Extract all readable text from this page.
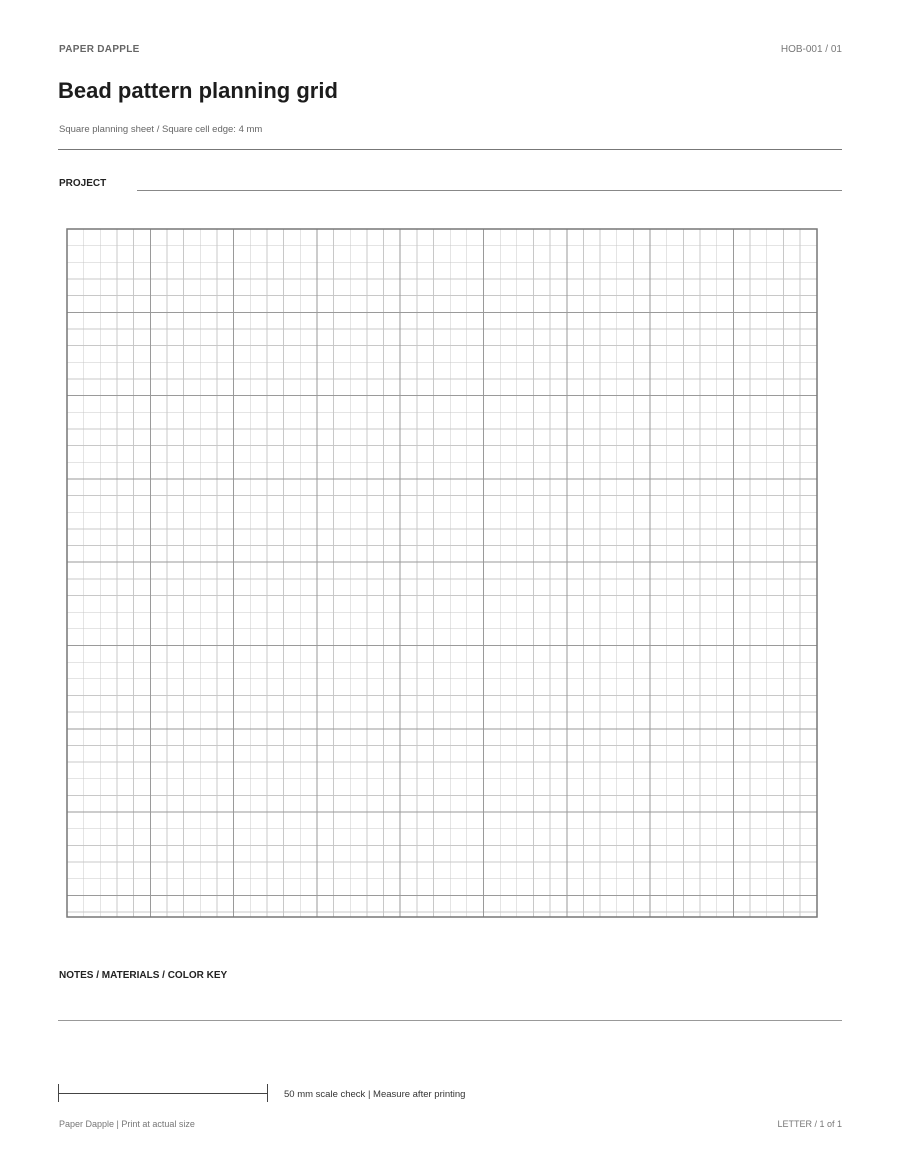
PAPER DAPPLE	HOB-001 / 01
Bead pattern planning grid
Square planning sheet / Square cell edge: 4 mm
PROJECT
NOTES / MATERIALS / COLOR KEY
50 mm scale check | Measure after printing
Paper Dapple | Print at actual size	LETTER / 1 of 1
